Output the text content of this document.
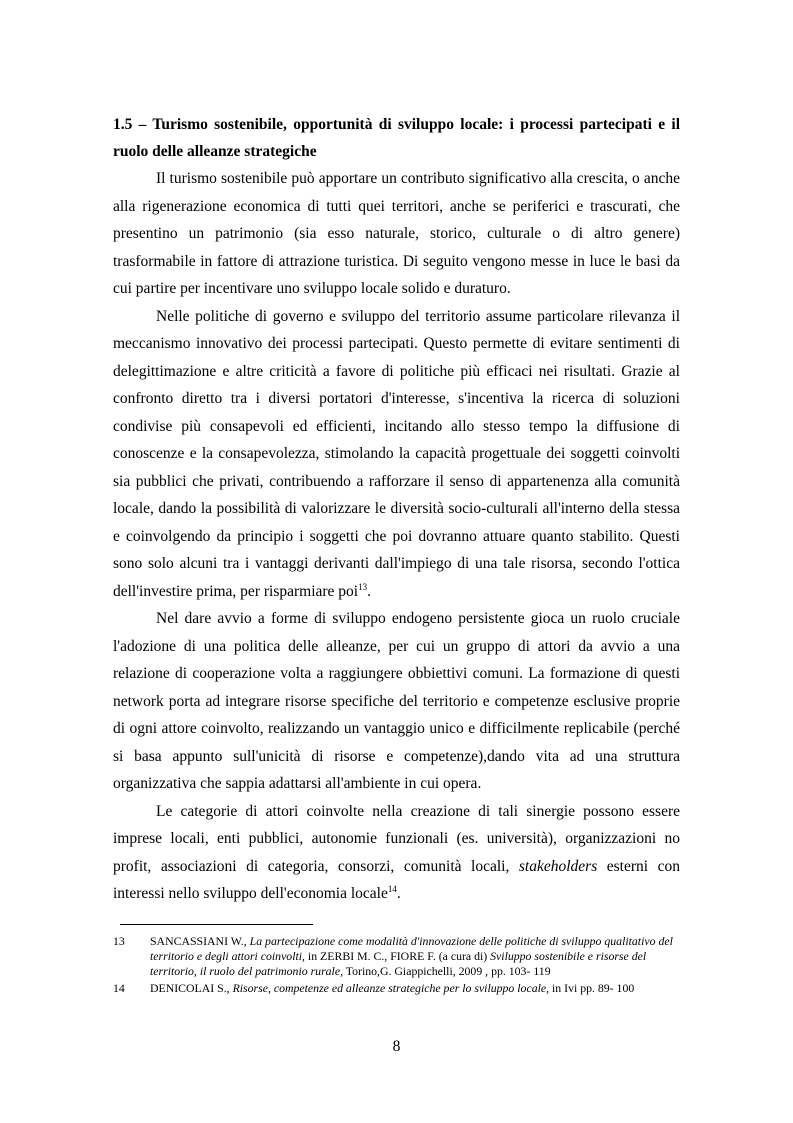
1.5 – Turismo sostenibile, opportunità di sviluppo locale: i processi partecipati e il ruolo delle alleanze strategiche

Il turismo sostenibile può apportare un contributo significativo alla crescita, o anche alla rigenerazione economica di tutti quei territori, anche se periferici e trascurati, che presentino un patrimonio (sia esso naturale, storico, culturale o di altro genere) trasformabile in fattore di attrazione turistica. Di seguito vengono messe in luce le basi da cui partire per incentivare uno sviluppo locale solido e duraturo.

Nelle politiche di governo e sviluppo del territorio assume particolare rilevanza il meccanismo innovativo dei processi partecipati. Questo permette di evitare sentimenti di delegittimazione e altre criticità a favore di politiche più efficaci nei risultati. Grazie al confronto diretto tra i diversi portatori d'interesse, s'incentiva la ricerca di soluzioni condivise più consapevoli ed efficienti, incitando allo stesso tempo la diffusione di conoscenze e la consapevolezza, stimolando la capacità progettuale dei soggetti coinvolti sia pubblici che privati, contribuendo a rafforzare il senso di appartenenza alla comunità locale, dando la possibilità di valorizzare le diversità socio-culturali all'interno della stessa e coinvolgendo da principio i soggetti che poi dovranno attuare quanto stabilito. Questi sono solo alcuni tra i vantaggi derivanti dall'impiego di una tale risorsa, secondo l'ottica dell'investire prima, per risparmiare poi$^{13}$.

Nel dare avvio a forme di sviluppo endogeno persistente gioca un ruolo cruciale l'adozione di una politica delle alleanze, per cui un gruppo di attori da avvio a una relazione di cooperazione volta a raggiungere obbiettivi comuni. La formazione di questi network porta ad integrare risorse specifiche del territorio e competenze esclusive proprie di ogni attore coinvolto, realizzando un vantaggio unico e difficilmente replicabile (perché si basa appunto sull'unicità di risorse e competenze),dando vita ad una struttura organizzativa che sappia adattarsi all'ambiente in cui opera.

Le categorie di attori coinvolte nella creazione di tali sinergie possono essere imprese locali, enti pubblici, autonomie funzionali (es. università), organizzazioni no profit, associazioni di categoria, consorzi, comunità locali, stakeholders esterni con interessi nello sviluppo dell'economia locale$^{14}$.

13 SANCASSIANI W., La partecipazione come modalità d'innovazione delle politiche di sviluppo qualitativo del territorio e degli attori coinvolti, in ZERBI M. C., FIORE F. (a cura di) Sviluppo sostenibile e risorse del territorio, il ruolo del patrimonio rurale, Torino,G. Giappichelli, 2009 , pp. 103- 119
14 DENICOLAI S., Risorse, competenze ed alleanze strategiche per lo sviluppo locale, in Ivi pp. 89- 100
8
